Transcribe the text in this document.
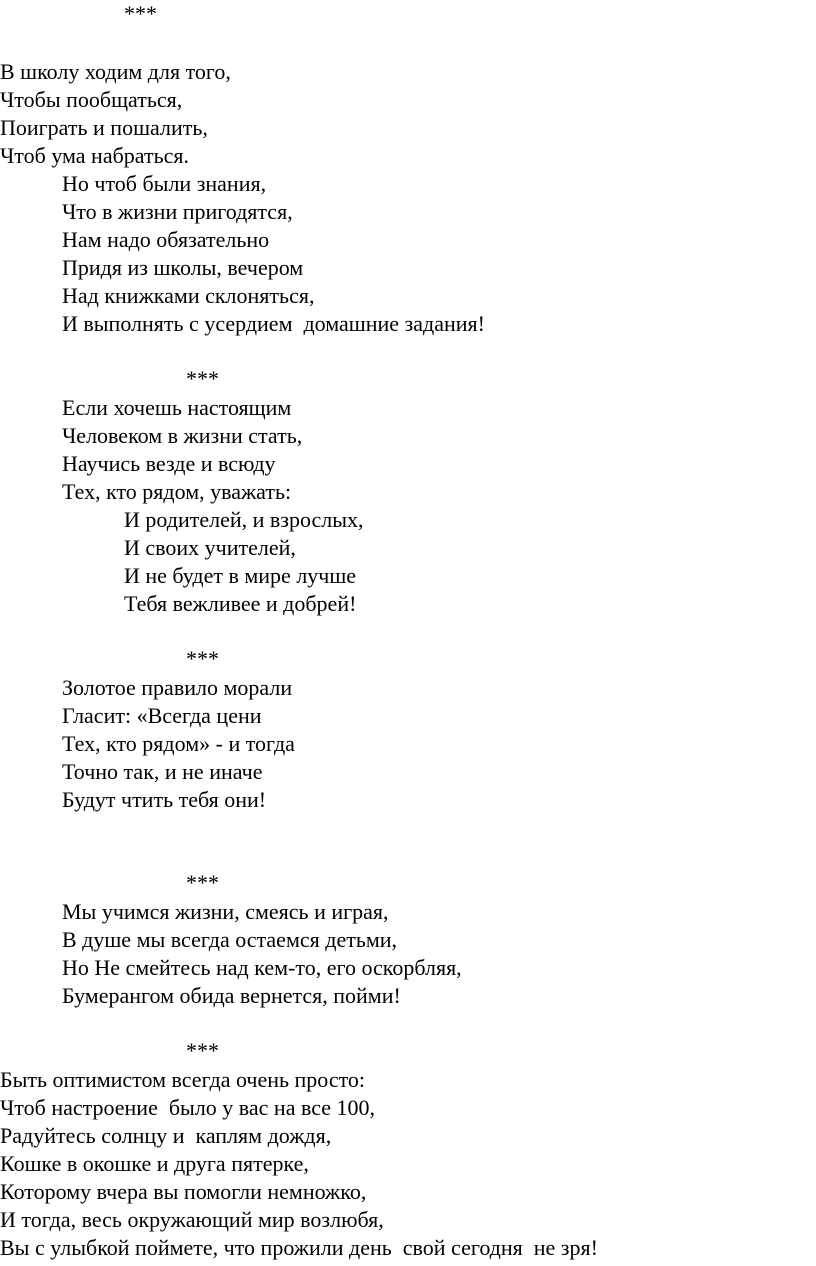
***
В школу ходим для того,
Чтобы пообщаться,
Поиграть и пошалить,
Чтоб ума набраться.
Но чтоб были знания,
Что в жизни пригодятся,
Нам надо обязательно
Придя из школы, вечером
Над книжками склоняться,
И выполнять с усердием  домашние задания!
***
Если хочешь настоящим
Человеком в жизни стать,
Научись везде и всюду
Тех, кто рядом, уважать:
И родителей, и взрослых,
И своих учителей,
И не будет в мире лучше
Тебя вежливее и добрей!
***
Золотое правило морали
Гласит: «Всегда цени
Тех, кто рядом» - и тогда
Точно так, и не иначе
Будут чтить тебя они!
***
Мы учимся жизни, смеясь и играя,
В душе мы всегда остаемся детьми,
Но Не смейтесь над кем-то, его оскорбляя,
Бумерангом обида вернется, пойми!
***
Быть оптимистом всегда очень просто:
Чтоб настроение  было у вас на все 100,
Радуйтесь солнцу и  каплям дождя,
Кошке в окошке и друга пятерке,
Которому вчера вы помогли немножко,
И тогда, весь окружающий мир возлюбя,
Вы с улыбкой поймете, что прожили день  свой сегодня  не зря!
